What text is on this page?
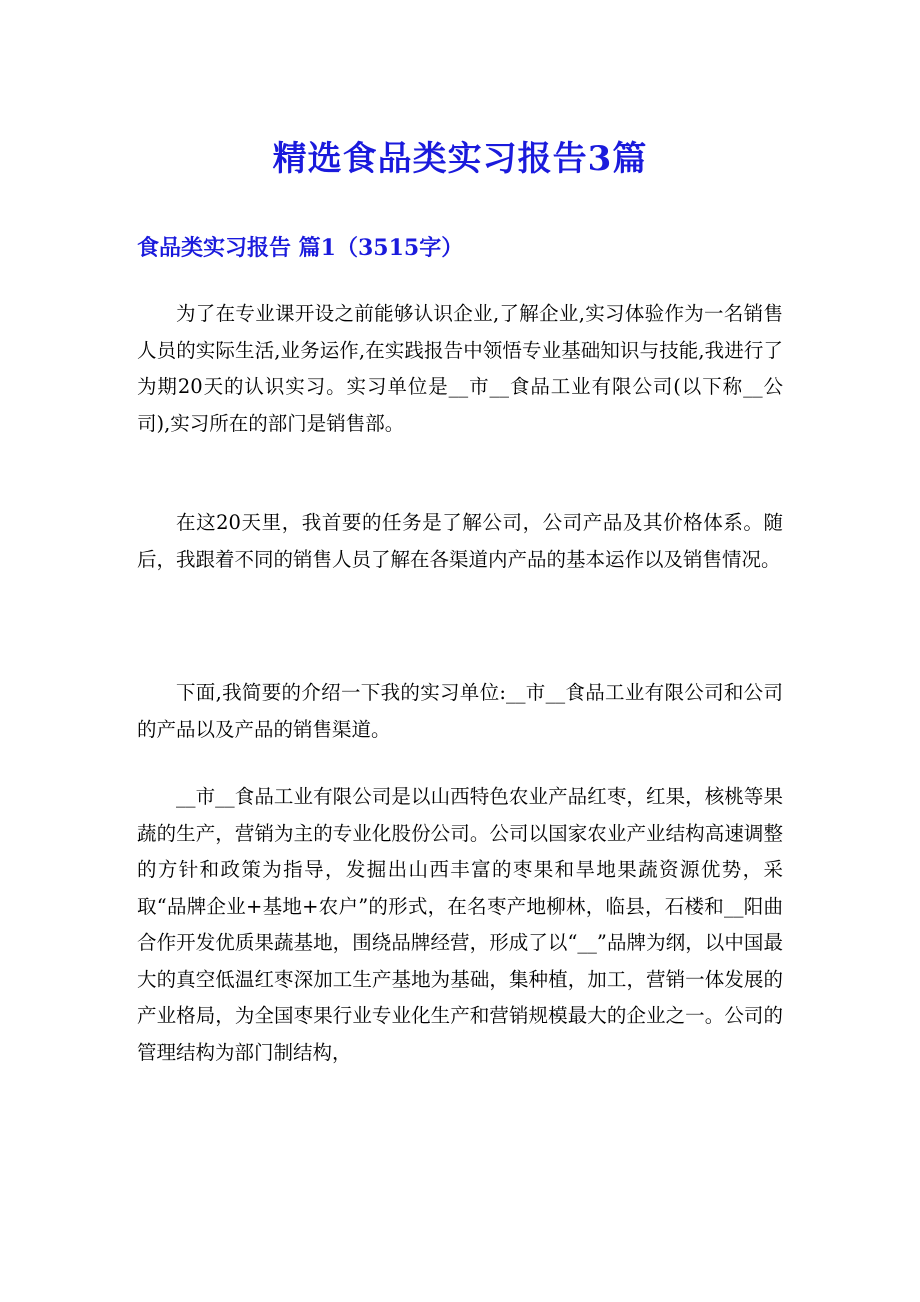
精选食品类实习报告3篇
食品类实习报告 篇1（3515字）

为了在专业课开设之前能够认识企业,了解企业,实习体验作为一名销售人员的实际生活,业务运作,在实践报告中领悟专业基础知识与技能,我进行了为期20天的认识实习。实习单位是__市__食品工业有限公司(以下称__公司),实习所在的部门是销售部。

在这20天里，我首要的任务是了解公司，公司产品及其价格体系。随后，我跟着不同的销售人员了解在各渠道内产品的基本运作以及销售情况。

下面,我简要的介绍一下我的实习单位:__市__食品工业有限公司和公司的产品以及产品的销售渠道。

__市__食品工业有限公司是以山西特色农业产品红枣，红果，核桃等果蔬的生产，营销为主的专业化股份公司。公司以国家农业产业结构高速调整的方针和政策为指导，发掘出山西丰富的枣果和旱地果蔬资源优势，采取“品牌企业+基地+农户”的形式，在名枣产地柳林，临县，石楼和__阳曲合作开发优质果蔬基地，围绕品牌经营，形成了以“__”品牌为纲，以中国最大的真空低温红枣深加工生产基地为基础，集种植，加工，营销一体发展的产业格局，为全国枣果行业专业化生产和营销规模最大的企业之一。公司的管理结构为部门制结构，
